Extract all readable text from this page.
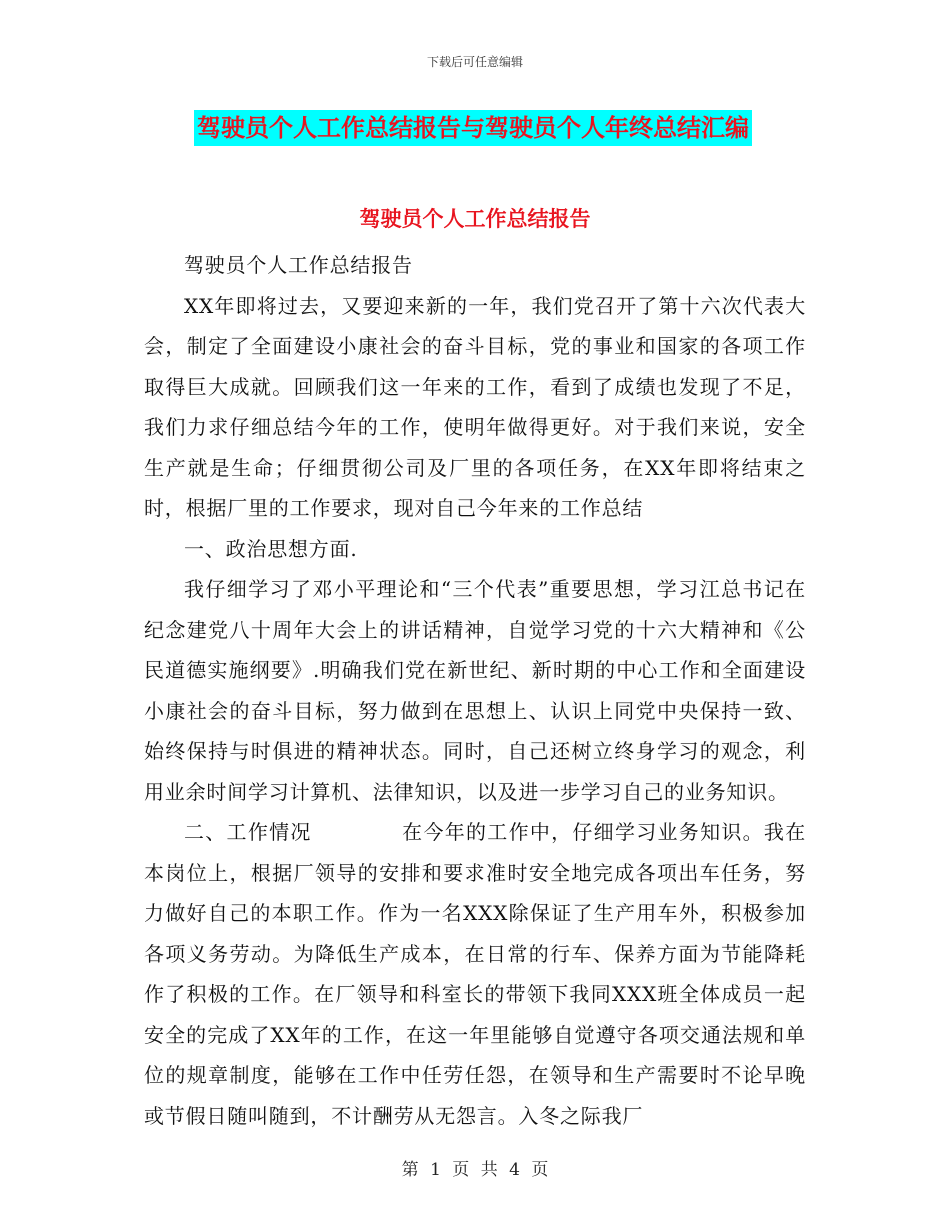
下载后可任意编辑
驾驶员个人工作总结报告与驾驶员个人年终总结汇编
驾驶员个人工作总结报告

驾驶员个人工作总结报告

XX年即将过去，又要迎来新的一年，我们党召开了第十六次代表大会，制定了全面建设小康社会的奋斗目标，党的事业和国家的各项工作取得巨大成就。回顾我们这一年来的工作，看到了成绩也发现了不足，我们力求仔细总结今年的工作，使明年做得更好。对于我们来说，安全生产就是生命；仔细贯彻公司及厂里的各项任务，在XX年即将结束之时，根据厂里的工作要求，现对自己今年来的工作总结

一、政治思想方面.

我仔细学习了邓小平理论和“三个代表”重要思想，学习江总书记在纪念建党八十周年大会上的讲话精神，自觉学习党的十六大精神和《公民道德实施纲要》.明确我们党在新世纪、新时期的中心工作和全面建设小康社会的奋斗目标，努力做到在思想上、认识上同党中央保持一致、始终保持与时俱进的精神状态。同时，自己还树立终身学习的观念，利用业余时间学习计算机、法律知识，以及进一步学习自己的业务知识。

二、工作情况	在今年的工作中，仔细学习业务知识。我在本岗位上，根据厂领导的安排和要求准时安全地完成各项出车任务，努力做好自己的本职工作。作为一名XXX除保证了生产用车外，积极参加各项义务劳动。为降低生产成本，在日常的行车、保养方面为节能降耗作了积极的工作。在厂领导和科室长的带领下我同XXX班全体成员一起安全的完成了XX年的工作，在这一年里能够自觉遵守各项交通法规和单位的规章制度，能够在工作中任劳任怨，在领导和生产需要时不论早晚或节假日随叫随到，不计酬劳从无怨言。入冬之际我厂

第 1 页 共 4 页
